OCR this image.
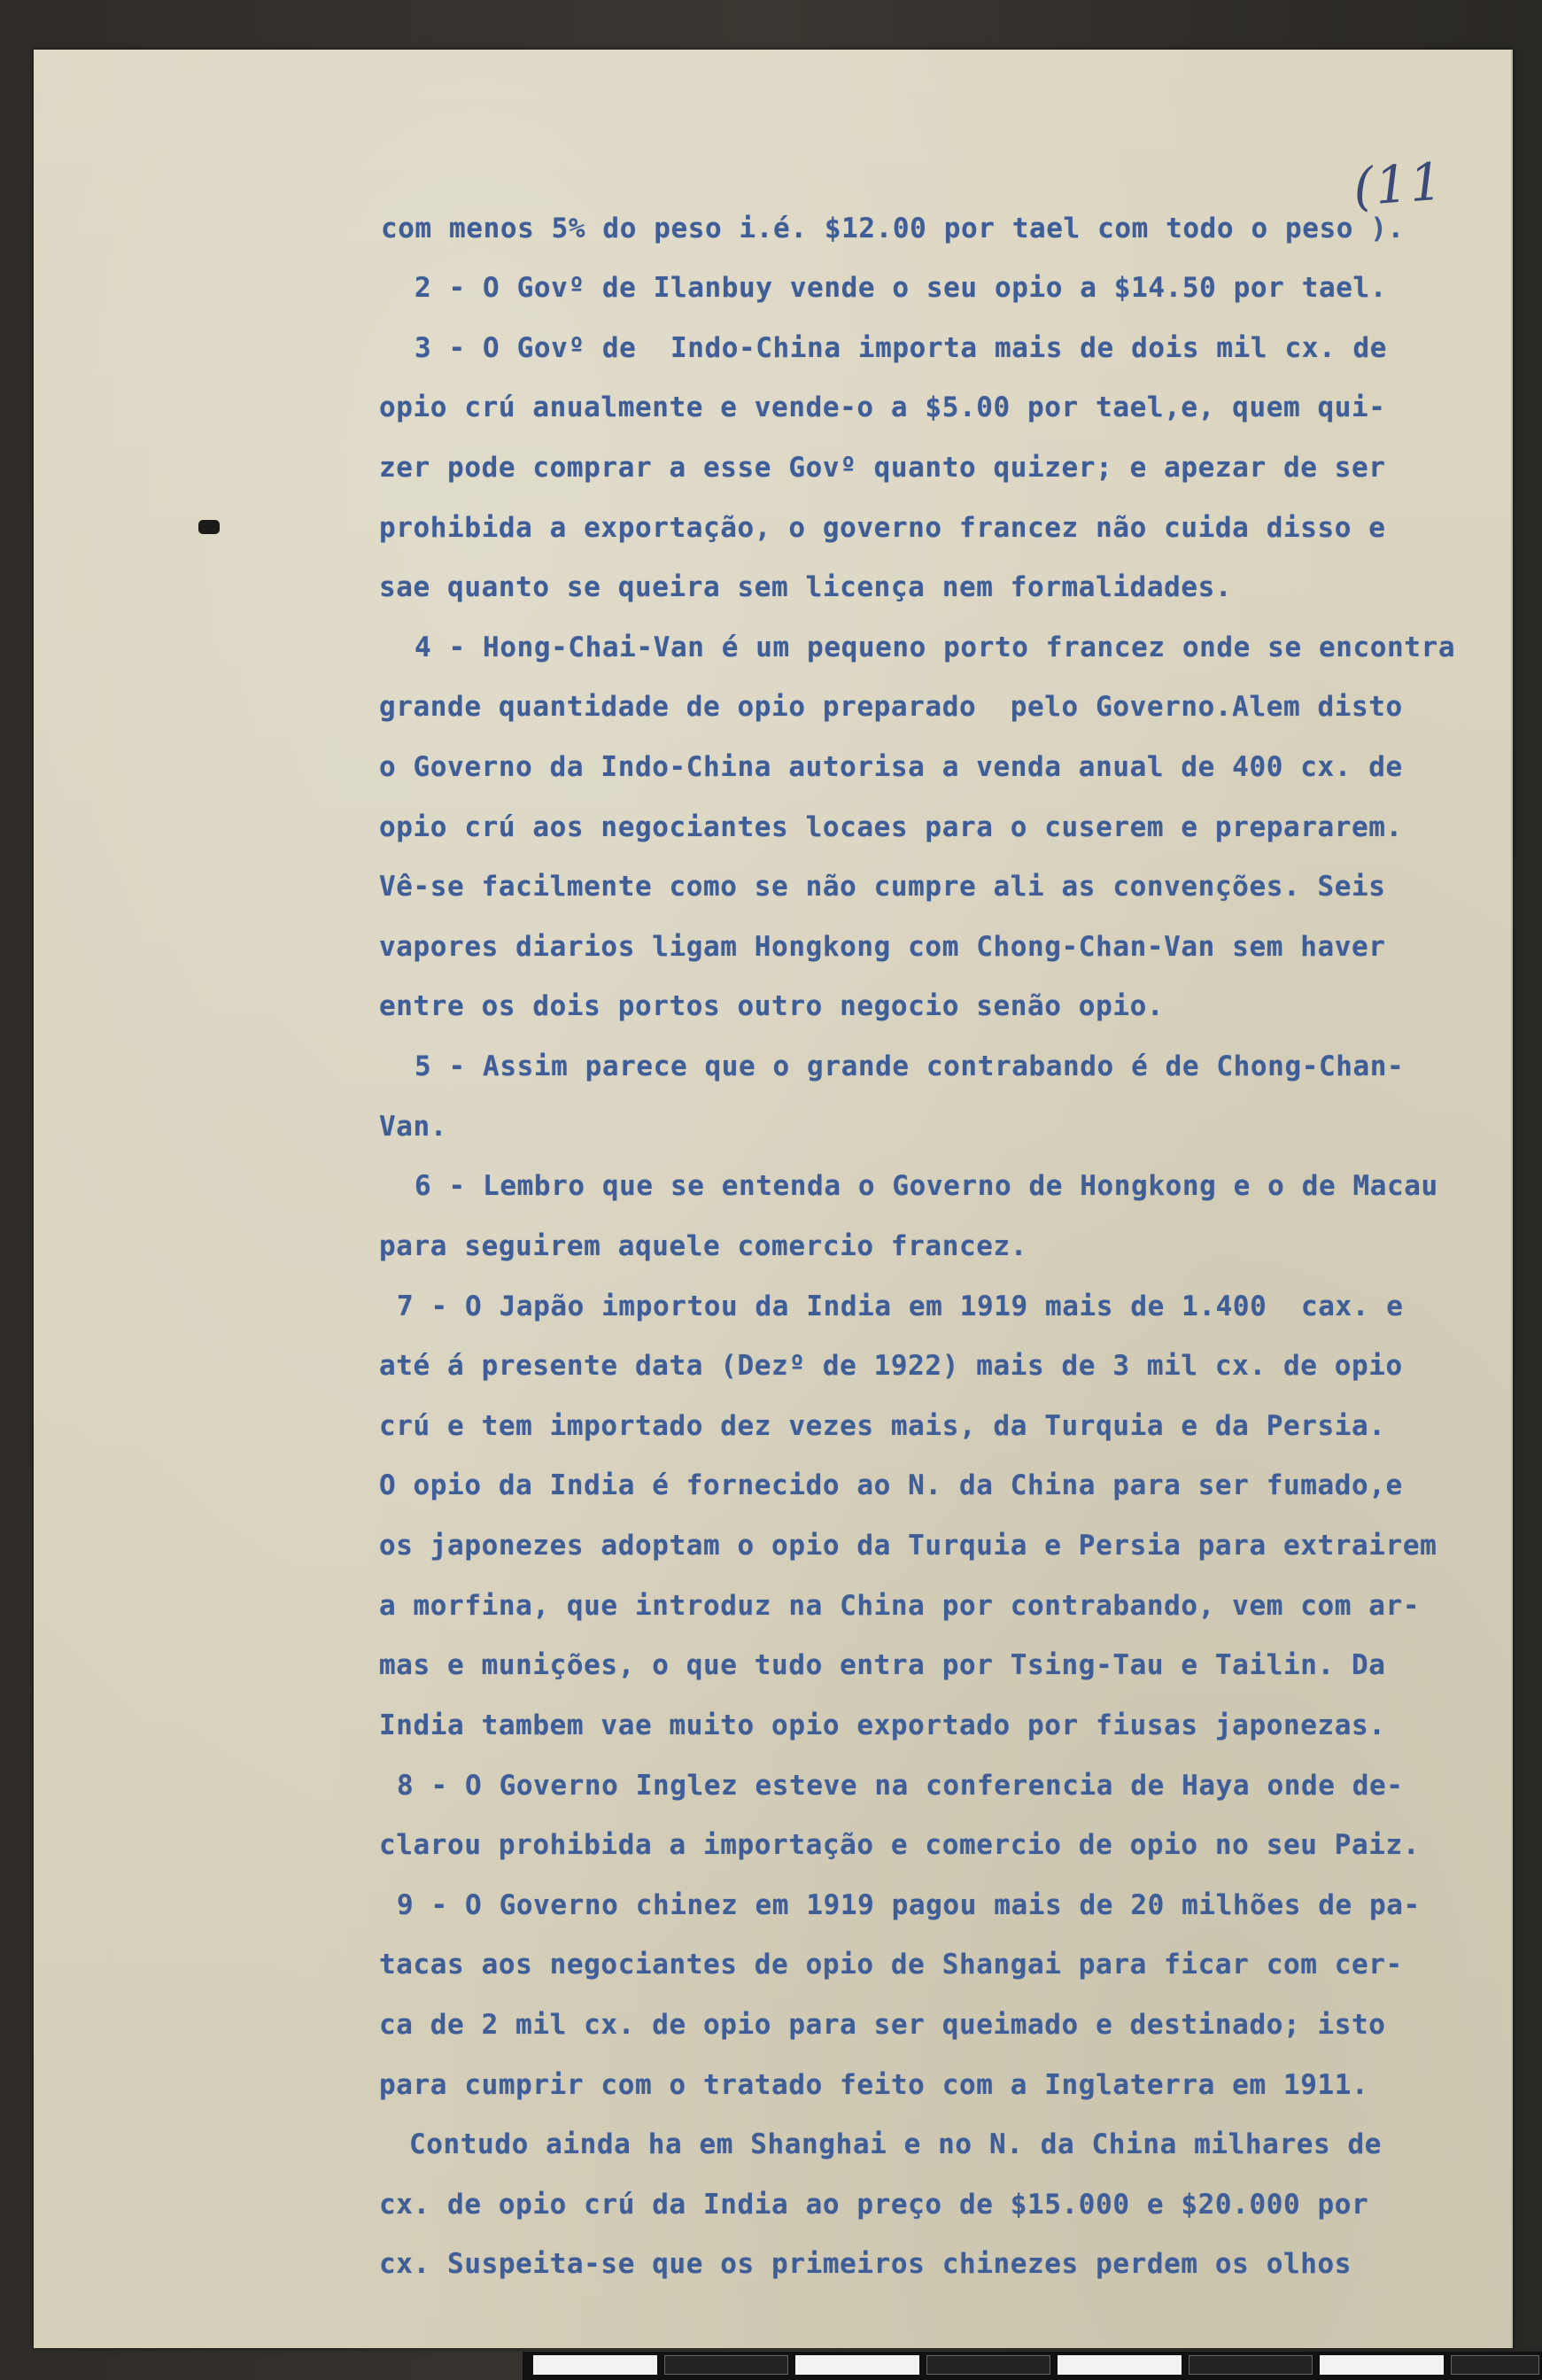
(11
com menos 5% do peso i.é. $12.00 por tael com todo o peso ).
2 - O Govº de Ilanbuy vende o seu opio a $14.50 por tael.
3 - O Govº de  Indo-China importa mais de dois mil cx. de
opio crú anualmente e vende-o a $5.00 por tael,e, quem qui-
zer pode comprar a esse Govº quanto quizer; e apezar de ser
prohibida a exportação, o governo francez não cuida disso e
sae quanto se queira sem licença nem formalidades.
4 - Hong-Chai-Van é um pequeno porto francez onde se encontra
grande quantidade de opio preparado  pelo Governo.Alem disto
o Governo da Indo-China autorisa a venda anual de 400 cx. de
opio crú aos negociantes locaes para o cuserem e prepararem.
Vê-se facilmente como se não cumpre ali as convenções. Seis
vapores diarios ligam Hongkong com Chong-Chan-Van sem haver
entre os dois portos outro negocio senão opio.
5 - Assim parece que o grande contrabando é de Chong-Chan-
Van.
6 - Lembro que se entenda o Governo de Hongkong e o de Macau
para seguirem aquele comercio francez.
7 - O Japão importou da India em 1919 mais de 1.400  cax. e
até á presente data (Dezº de 1922) mais de 3 mil cx. de opio
crú e tem importado dez vezes mais, da Turquia e da Persia.
O opio da India é fornecido ao N. da China para ser fumado,e
os japonezes adoptam o opio da Turquia e Persia para extrairem
a morfina, que introduz na China por contrabando, vem com ar-
mas e munições, o que tudo entra por Tsing-Tau e Tailin. Da
India tambem vae muito opio exportado por fiusas japonezas.
8 - O Governo Inglez esteve na conferencia de Haya onde de-
clarou prohibida a importação e comercio de opio no seu Paiz.
9 - O Governo chinez em 1919 pagou mais de 20 milhões de pa-
tacas aos negociantes de opio de Shangai para ficar com cer-
ca de 2 mil cx. de opio para ser queimado e destinado; isto
para cumprir com o tratado feito com a Inglaterra em 1911.
Contudo ainda ha em Shanghai e no N. da China milhares de
cx. de opio crú da India ao preço de $15.000 e $20.000 por
cx. Suspeita-se que os primeiros chinezes perdem os olhos
